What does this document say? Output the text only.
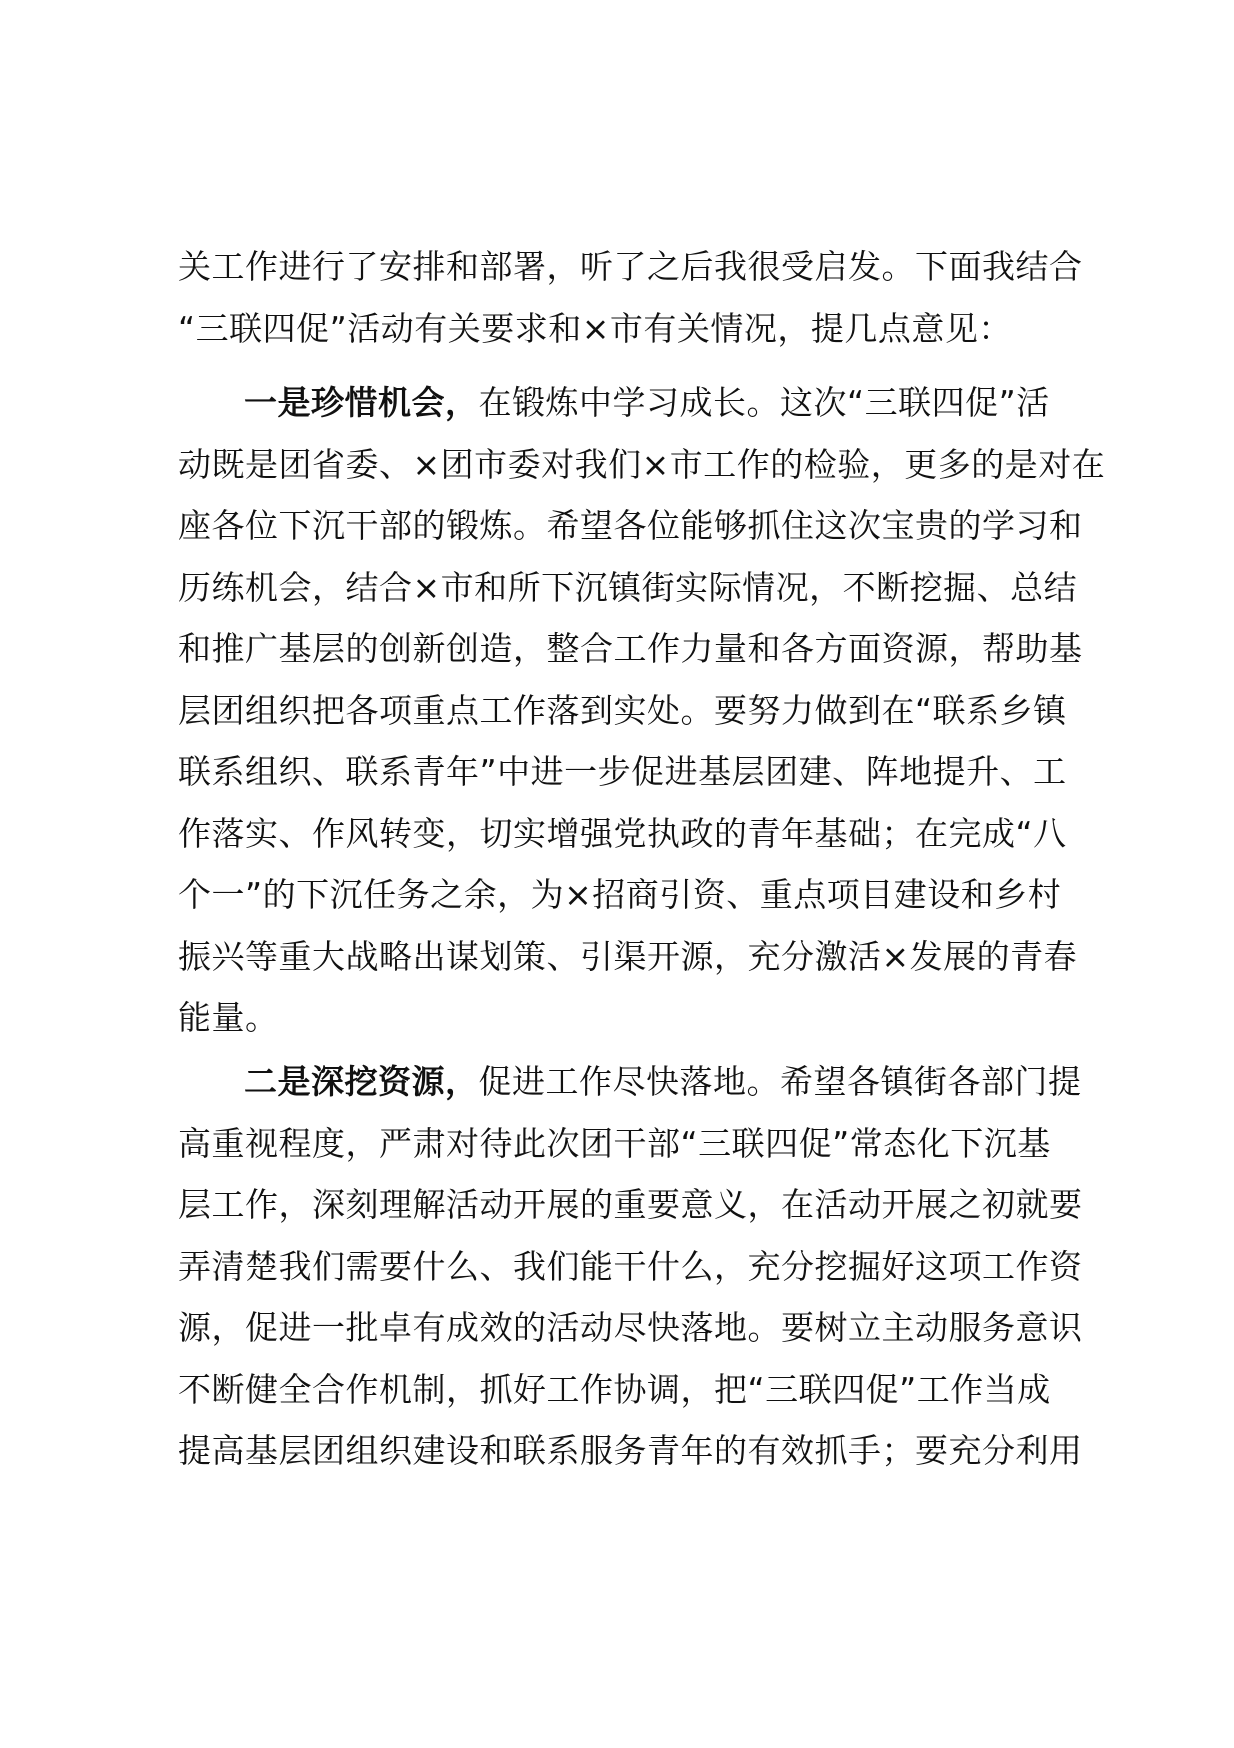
关工作进行了安排和部署，听了之后我很受启发。下面我结合
“三联四促”活动有关要求和×市有关情况，提几点意见：
一是珍惜机会，在锻炼中学习成长。这次“三联四促”活
动既是团省委、×团市委对我们×市工作的检验，更多的是对在
座各位下沉干部的锻炼。希望各位能够抓住这次宝贵的学习和
历练机会，结合×市和所下沉镇街实际情况，不断挖掘、总结
和推广基层的创新创造，整合工作力量和各方面资源，帮助基
层团组织把各项重点工作落到实处。要努力做到在“联系乡镇
联系组织、联系青年”中进一步促进基层团建、阵地提升、工
作落实、作风转变，切实增强党执政的青年基础；在完成“八
个一”的下沉任务之余，为×招商引资、重点项目建设和乡村
振兴等重大战略出谋划策、引渠开源，充分激活×发展的青春
能量。
二是深挖资源，促进工作尽快落地。希望各镇街各部门提
高重视程度，严肃对待此次团干部“三联四促”常态化下沉基
层工作，深刻理解活动开展的重要意义，在活动开展之初就要
弄清楚我们需要什么、我们能干什么，充分挖掘好这项工作资
源，促进一批卓有成效的活动尽快落地。要树立主动服务意识
不断健全合作机制，抓好工作协调，把“三联四促”工作当成
提高基层团组织建设和联系服务青年的有效抓手；要充分利用
